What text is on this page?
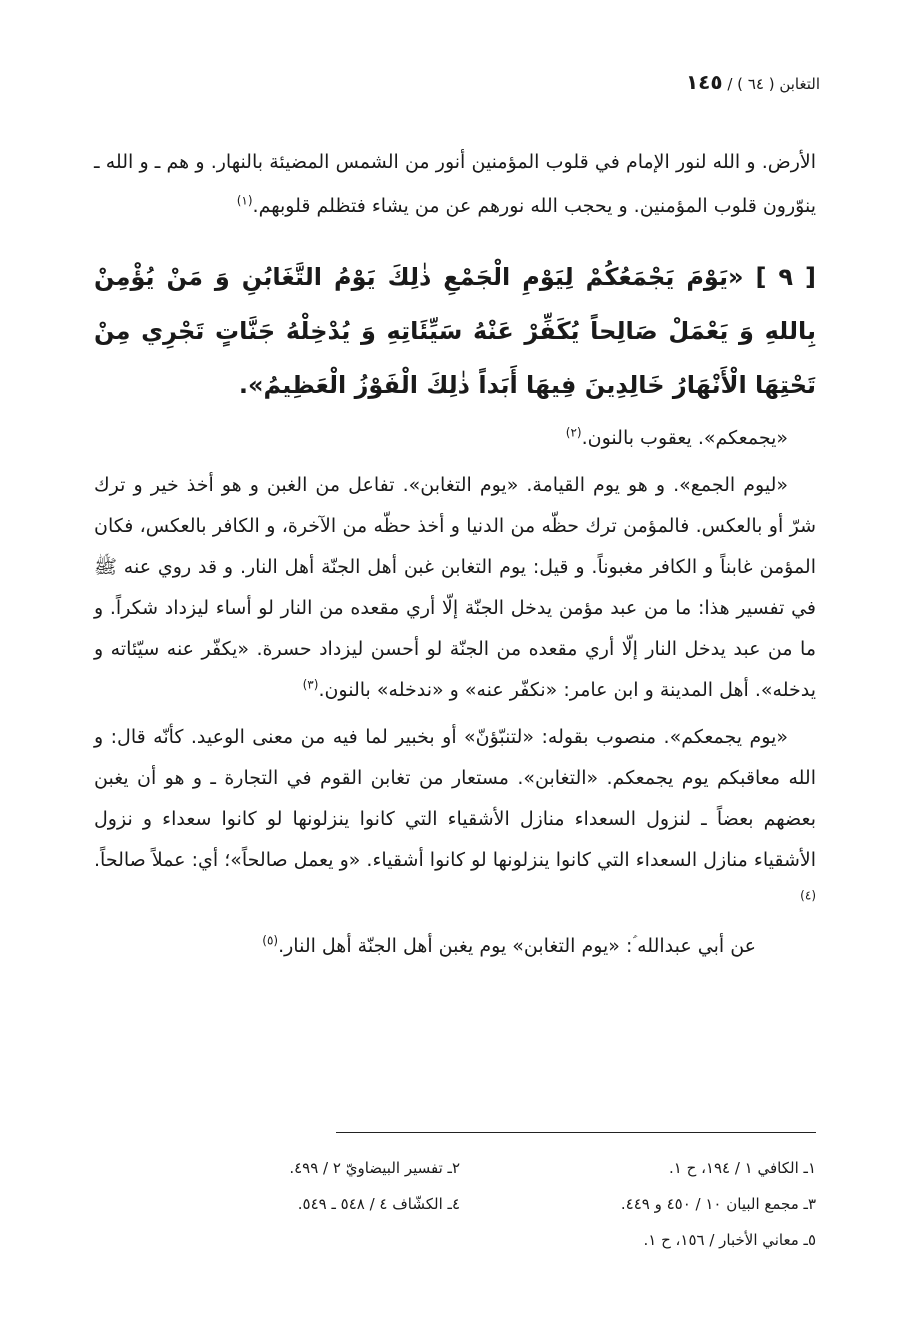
التغابن ( ٦٤ ) / ١٤٥
الأرض. و الله لنور الإمام في قلوب المؤمنين أنور من الشمس المضيئة بالنهار. و هم ـ و الله ـ ينوّرون قلوب المؤمنين. و يحجب الله نورهم عن من يشاء فتظلم قلوبهم.$^{(١)}$
[ ٩ ] «يَوْمَ يَجْمَعُكُمْ لِيَوْمِ الْجَمْعِ ذٰلِكَ يَوْمُ التَّغَابُنِ وَ مَنْ يُؤْمِنْ بِاللهِ وَ يَعْمَلْ صَالِحاً يُكَفِّرْ عَنْهُ سَيِّئَاتِهِ وَ يُدْخِلْهُ جَنَّاتٍ تَجْرِي مِنْ تَحْتِهَا الْأَنْهَارُ خَالِدِينَ فِيهَا أَبَداً ذٰلِكَ الْفَوْزُ الْعَظِيمُ».

«يجمعكم». يعقوب بالنون.$^{(٢)}$

«ليوم الجمع». و هو يوم القيامة. «يوم التغابن». تفاعل من الغبن و هو أخذ خير و ترك شرّ أو بالعكس. فالمؤمن ترك حظّه من الدنيا و أخذ حظّه من الآخرة، و الكافر بالعكس، فكان المؤمن غابناً و الكافر مغبوناً. و قيل: يوم التغابن غبن أهل الجنّة أهل النار. و قد روي عنه ﷺ في تفسير هذا: ما من عبد مؤمن يدخل الجنّة إلّا أري مقعده من النار لو أساء ليزداد شكراً. و ما من عبد يدخل النار إلّا أري مقعده من الجنّة لو أحسن ليزداد حسرة. «يكفّر عنه سيّئاته و يدخله». أهل المدينة و ابن عامر: «نكفّر عنه» و «ندخله» بالنون.$^{(٣)}$

«يوم يجمعكم». منصوب بقوله: «لتنبّؤنّ» أو بخبير لما فيه من معنى الوعيد. كأنّه قال: و الله معاقبكم يوم يجمعكم. «التغابن». مستعار من تغابن القوم في التجارة ـ و هو أن يغبن بعضهم بعضاً ـ لنزول السعداء منازل الأشقياء التي كانوا ينزلونها لو كانوا سعداء و نزول الأشقياء منازل السعداء التي كانوا ينزلونها لو كانوا أشقياء. «و يعمل صالحاً»؛ أي: عملاً صالحاً.$^{(٤)}$

عن أبي عبدالله ؑ: «يوم التغابن» يوم يغبن أهل الجنّة أهل النار.$^{(٥)}$

١ـ الكافي ١ / ١٩٤، ح ١.
٢ـ تفسير البيضاويّ ٢ / ٤٩٩.
٣ـ مجمع البيان ١٠ / ٤٥٠ و ٤٤٩.
٤ـ الكشّاف ٤ / ٥٤٨ ـ ٥٤٩.
٥ـ معاني الأخبار / ١٥٦، ح ١.
